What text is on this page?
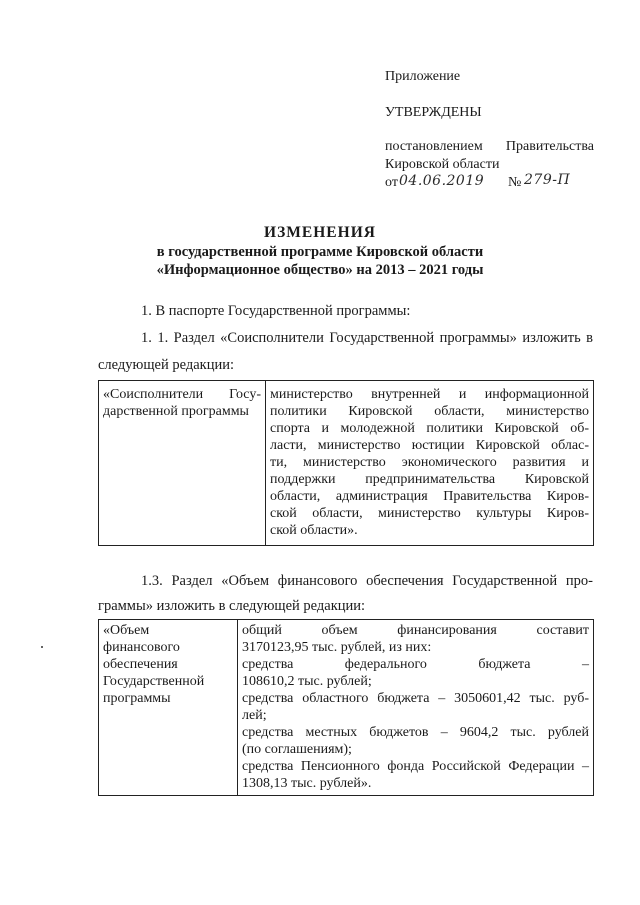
Приложение
УТВЕРЖДЕНЫ
постановлением Правительства
Кировской области
от 04.06.2019 № 279-П
ИЗМЕНЕНИЯ
в государственной программе Кировской области
«Информационное общество» на 2013 – 2021 годы
1. В паспорте Государственной программы:
1. 1. Раздел «Соисполнители Государственной программы» изложить в
следующей редакции:
«Соисполнители Госу-
дарственной программы

министерство внутренней и информационной
политики Кировской области, министерство
спорта и молодежной политики Кировской об-
ласти, министерство юстиции Кировской облас-
ти, министерство экономического развития и
поддержки предпринимательства Кировской
области, администрация Правительства Киров-
ской области, министерство культуры Киров-
ской области».
1.3. Раздел «Объем финансового обеспечения Государственной про-
граммы» изложить в следующей редакции:
«Объем
финансового
обеспечения
Государственной
программы

общий объем финансирования составит
3170123,95 тыс. рублей, из них:
средства федерального бюджета –
108610,2 тыс. рублей;
средства областного бюджета – 3050601,42 тыс. руб-
лей;
средства местных бюджетов – 9604,2 тыс. рублей
(по соглашениям);
средства Пенсионного фонда Российской Федерации –
1308,13 тыс. рублей».
